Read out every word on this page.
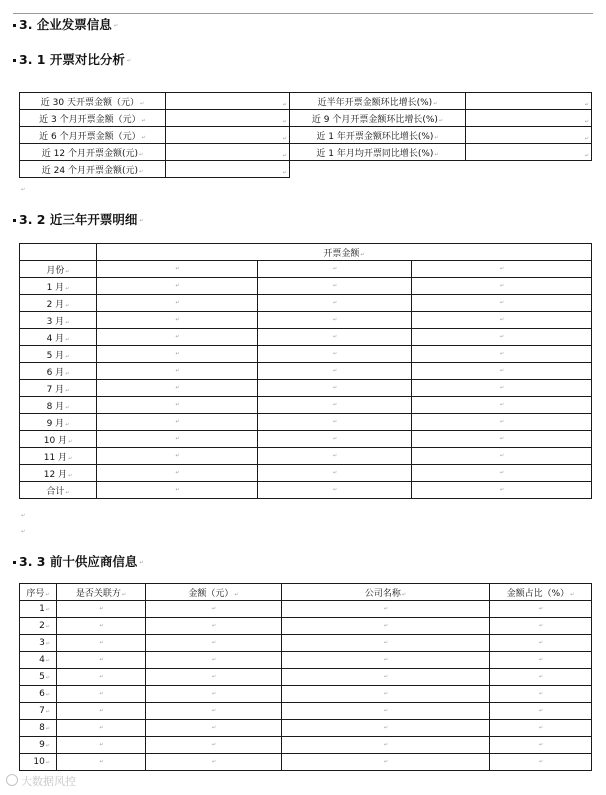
3. 企业发票信息 ↵
3. 1 开票对比分析 ↵
近 30 天开票金额（元）↵	↵	近半年开票金额环比增长(%)↵	↵
近 3 个月开票金额（元）↵	↵	近 9 个月开票金额环比增长(%)↵	↵
近 6 个月开票金额（元）↵	↵	近 1 年开票金额环比增长(%)↵	↵
近 12 个月开票金额(元)↵	↵	近 1 年月均开票同比增长(%)↵	↵
近 24 个月开票金额(元)↵	↵		
↵
3. 2 近三年开票明细 ↵
	开票金额↵		
月份↵	↵	↵	↵
1 月↵	↵	↵	↵
2 月↵	↵	↵	↵
3 月↵	↵	↵	↵
4 月↵	↵	↵	↵
5 月↵	↵	↵	↵
6 月↵	↵	↵	↵
7 月↵	↵	↵	↵
8 月↵	↵	↵	↵
9 月↵	↵	↵	↵
10 月↵	↵	↵	↵
11 月↵	↵	↵	↵
12 月↵	↵	↵	↵
合计↵	↵	↵	↵
↵
↵
3. 3 前十供应商信息 ↵
序号↵	是否关联方↵	金额（元）↵	公司名称↵	金额占比（%）↵
1↵	↵	↵	↵	↵
2↵	↵	↵	↵	↵
3↵	↵	↵	↵	↵
4↵	↵	↵	↵	↵
5↵	↵	↵	↵	↵
6↵	↵	↵	↵	↵
7↵	↵	↵	↵	↵
8↵	↵	↵	↵	↵
9↵	↵	↵	↵	↵
10↵	↵	↵	↵	↵
大数据风控
